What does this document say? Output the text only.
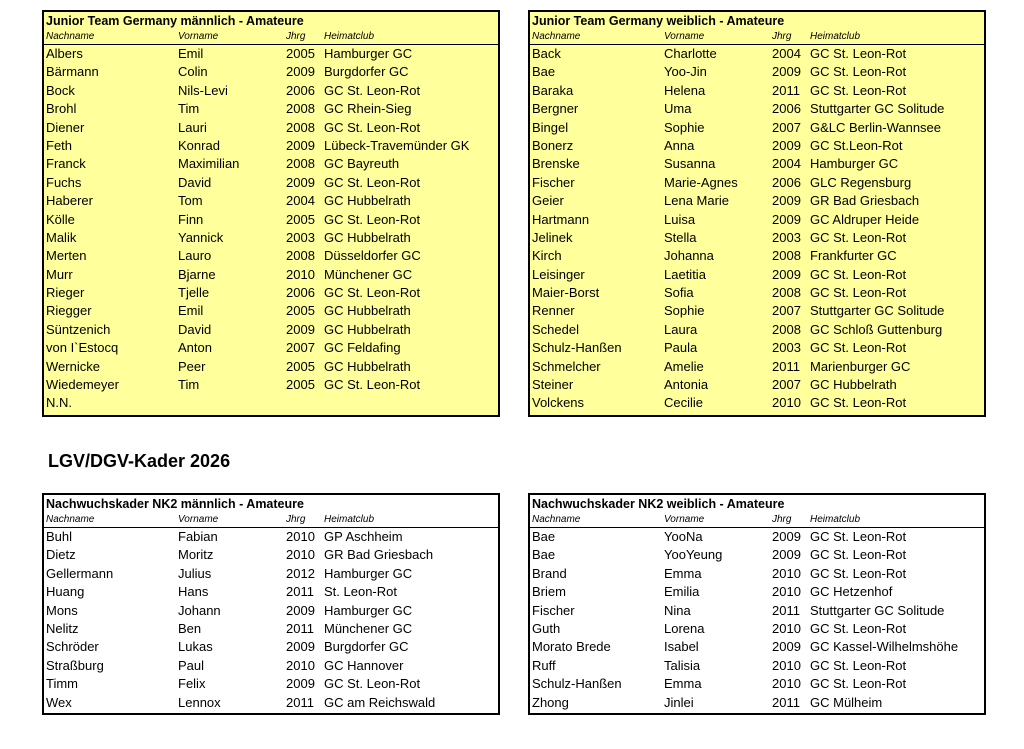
Junior Team Germany männlich - Amateure
Nachname	Vorname	Jhrg	Heimatclub
Albers	Emil	2005 Hamburger GC
Bärmann	Colin	2009 Burgdorfer GC
Bock	Nils-Levi	2006 GC St. Leon-Rot
Brohl	Tim	2008 GC Rhein-Sieg
Diener	Lauri	2008 GC St. Leon-Rot
Feth	Konrad	2009 Lübeck-Travemünder GK
Franck	Maximilian	2008 GC Bayreuth
Fuchs	David	2009 GC St. Leon-Rot
Haberer	Tom	2004 GC Hubbelrath
Kölle	Finn	2005 GC St. Leon-Rot
Malik	Yannick	2003 GC Hubbelrath
Merten	Lauro	2008 Düsseldorfer GC
Murr	Bjarne	2010 Münchener GC
Rieger	Tjelle	2006 GC St. Leon-Rot
Riegger	Emil	2005 GC Hubbelrath
Süntzenich	David	2009 GC Hubbelrath
von I`Estocq	Anton	2007 GC Feldafing
Wernicke	Peer	2005 GC Hubbelrath
Wiedemeyer	Tim	2005 GC St. Leon-Rot
N.N.
Junior Team Germany weiblich - Amateure
Nachname	Vorname	Jhrg	Heimatclub
Back	Charlotte	2004 GC St. Leon-Rot
Bae	Yoo-Jin	2009 GC St. Leon-Rot
Baraka	Helena	2011 GC St. Leon-Rot
Bergner	Uma	2006 Stuttgarter GC Solitude
Bingel	Sophie	2007 G&LC Berlin-Wannsee
Bonerz	Anna	2009 GC St.Leon-Rot
Brenske	Susanna	2004 Hamburger GC
Fischer	Marie-Agnes	2006 GLC Regensburg
Geier	Lena Marie	2009 GR Bad Griesbach
Hartmann	Luisa	2009 GC Aldruper Heide
Jelinek	Stella	2003 GC St. Leon-Rot
Kirch	Johanna	2008 Frankfurter GC
Leisinger	Laetitia	2009 GC St. Leon-Rot
Maier-Borst	Sofia	2008 GC St. Leon-Rot
Renner	Sophie	2007 Stuttgarter GC Solitude
Schedel	Laura	2008 GC Schloß Guttenburg
Schulz-Hanßen	Paula	2003 GC St. Leon-Rot
Schmelcher	Amelie	2011 Marienburger GC
Steiner	Antonia	2007 GC Hubbelrath
Volckens	Cecilie	2010 GC St. Leon-Rot
LGV/DGV-Kader 2026
Nachwuchskader NK2 männlich - Amateure
Nachname	Vorname	Jhrg	Heimatclub
Buhl	Fabian	2010 GP Aschheim
Dietz	Moritz	2010 GR Bad Griesbach
Gellermann	Julius	2012 Hamburger GC
Huang	Hans	2011 St. Leon-Rot
Mons	Johann	2009 Hamburger GC
Nelitz	Ben	2011 Münchener GC
Schröder	Lukas	2009 Burgdorfer GC
Straßburg	Paul	2010 GC Hannover
Timm	Felix	2009 GC St. Leon-Rot
Wex	Lennox	2011 GC am Reichswald
Nachwuchskader NK2 weiblich - Amateure
Nachname	Vorname	Jhrg	Heimatclub
Bae	YooNa	2009 GC St. Leon-Rot
Bae	YooYeung	2009 GC St. Leon-Rot
Brand	Emma	2010 GC St. Leon-Rot
Briem	Emilia	2010 GC Hetzenhof
Fischer	Nina	2011 Stuttgarter GC Solitude
Guth	Lorena	2010 GC St. Leon-Rot
Morato Brede	Isabel	2009 GC Kassel-Wilhelmshöhe
Ruff	Talisia	2010 GC St. Leon-Rot
Schulz-Hanßen	Emma	2010 GC St. Leon-Rot
Zhong	Jinlei	2011 GC Mülheim
